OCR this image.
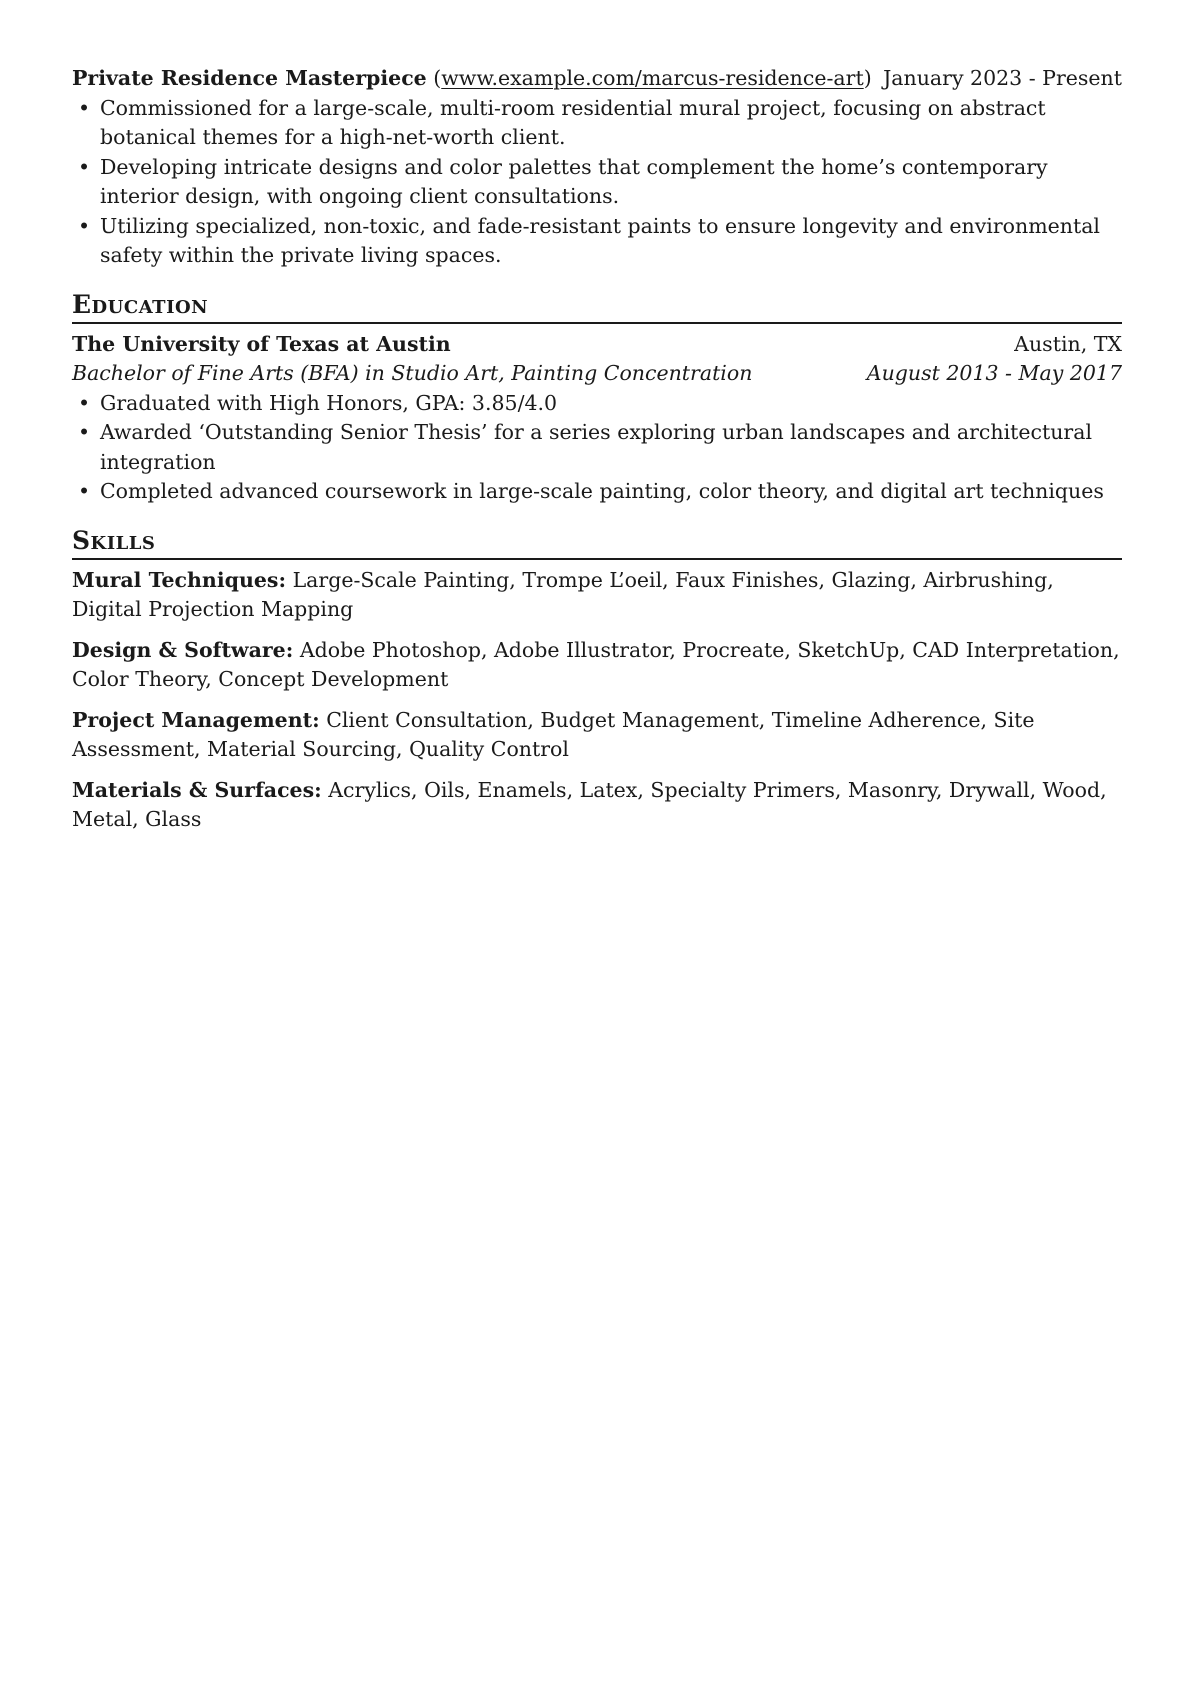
Private Residence Masterpiece (www.example.com/marcus-residence-art) January 2023 - Present
• Commissioned for a large-scale, multi-room residential mural project, focusing on abstract botanical themes for a high-net-worth client.
• Developing intricate designs and color palettes that complement the home’s contemporary interior design, with ongoing client consultations.
• Utilizing specialized, non-toxic, and fade-resistant paints to ensure longevity and environmental safety within the private living spaces.
Education
The University of Texas at Austin	Austin, TX
Bachelor of Fine Arts (BFA) in Studio Art, Painting Concentration	August 2013 - May 2017
• Graduated with High Honors, GPA: 3.85/4.0
• Awarded ‘Outstanding Senior Thesis’ for a series exploring urban landscapes and architectural integration
• Completed advanced coursework in large-scale painting, color theory, and digital art techniques
Skills
Mural Techniques: Large-Scale Painting, Trompe L’oeil, Faux Finishes, Glazing, Airbrushing, Digital Projection Mapping
Design & Software: Adobe Photoshop, Adobe Illustrator, Procreate, SketchUp, CAD Interpretation, Color Theory, Concept Development
Project Management: Client Consultation, Budget Management, Timeline Adherence, Site Assessment, Material Sourcing, Quality Control
Materials & Surfaces: Acrylics, Oils, Enamels, Latex, Specialty Primers, Masonry, Drywall, Wood, Metal, Glass
